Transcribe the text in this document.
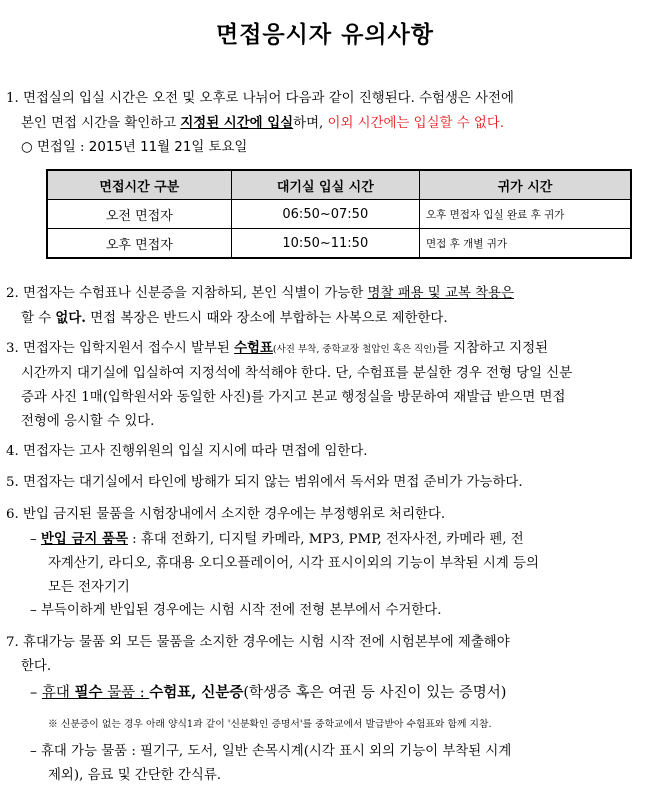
면접응시자 유의사항
1. 면접실의 입실 시간은 오전 및 오후로 나뉘어 다음과 같이 진행된다. 수험생은 사전에
본인 면접 시간을 확인하고 지정된 시간에 입실하며, 이외 시간에는 입실할 수 없다.
○ 면접일 : 2015년 11월 21일 토요일
면접시간 구분	대기실 입실 시간	귀가 시간
오전 면접자	06:50~07:50	오후 면접자 입실 완료 후 귀가
오후 면접자	10:50~11:50	면접 후 개별 귀가
2. 면접자는 수험표나 신분증을 지참하되, 본인 식별이 가능한 명찰 패용 및 교복 착용은
할 수 없다. 면접 복장은 반드시 때와 장소에 부합하는 사복으로 제한한다.
3. 면접자는 입학지원서 접수시 발부된 수험표(사진 부착, 중학교장 철압인 혹은 직인)를 지참하고 지정된
시간까지 대기실에 입실하여 지정석에 착석해야 한다. 단, 수험표를 분실한 경우 전형 당일 신분
증과 사진 1매(입학원서와 동일한 사진)를 가지고 본교 행정실을 방문하여 재발급 받으면 면접
전형에 응시할 수 있다.
4. 면접자는 고사 진행위원의 입실 지시에 따라 면접에 임한다.
5. 면접자는 대기실에서 타인에 방해가 되지 않는 범위에서 독서와 면접 준비가 가능하다.
6. 반입 금지된 물품을 시험장내에서 소지한 경우에는 부정행위로 처리한다.
– 반입 금지 품목 : 휴대 전화기, 디지털 카메라, MP3, PMP, 전자사전, 카메라 펜, 전
자계산기, 라디오, 휴대용 오디오플레이어, 시각 표시이외의 기능이 부착된 시계 등의
모든 전자기기
– 부득이하게 반입된 경우에는 시험 시작 전에 전형 본부에서 수거한다.
7. 휴대가능 물품 외 모든 물품을 소지한 경우에는 시험 시작 전에 시험본부에 제출해야
한다.
– 휴대 필수 물품 : 수험표, 신분증(학생증 혹은 여권 등 사진이 있는 증명서)
※ 신분증이 없는 경우 아래 양식1과 같이 '신분확인 증명서'를 중학교에서 발급받아 수험표와 함께 지참.
– 휴대 가능 물품 : 필기구, 도서, 일반 손목시계(시각 표시 외의 기능이 부착된 시계
제외), 음료 및 간단한 간식류.
